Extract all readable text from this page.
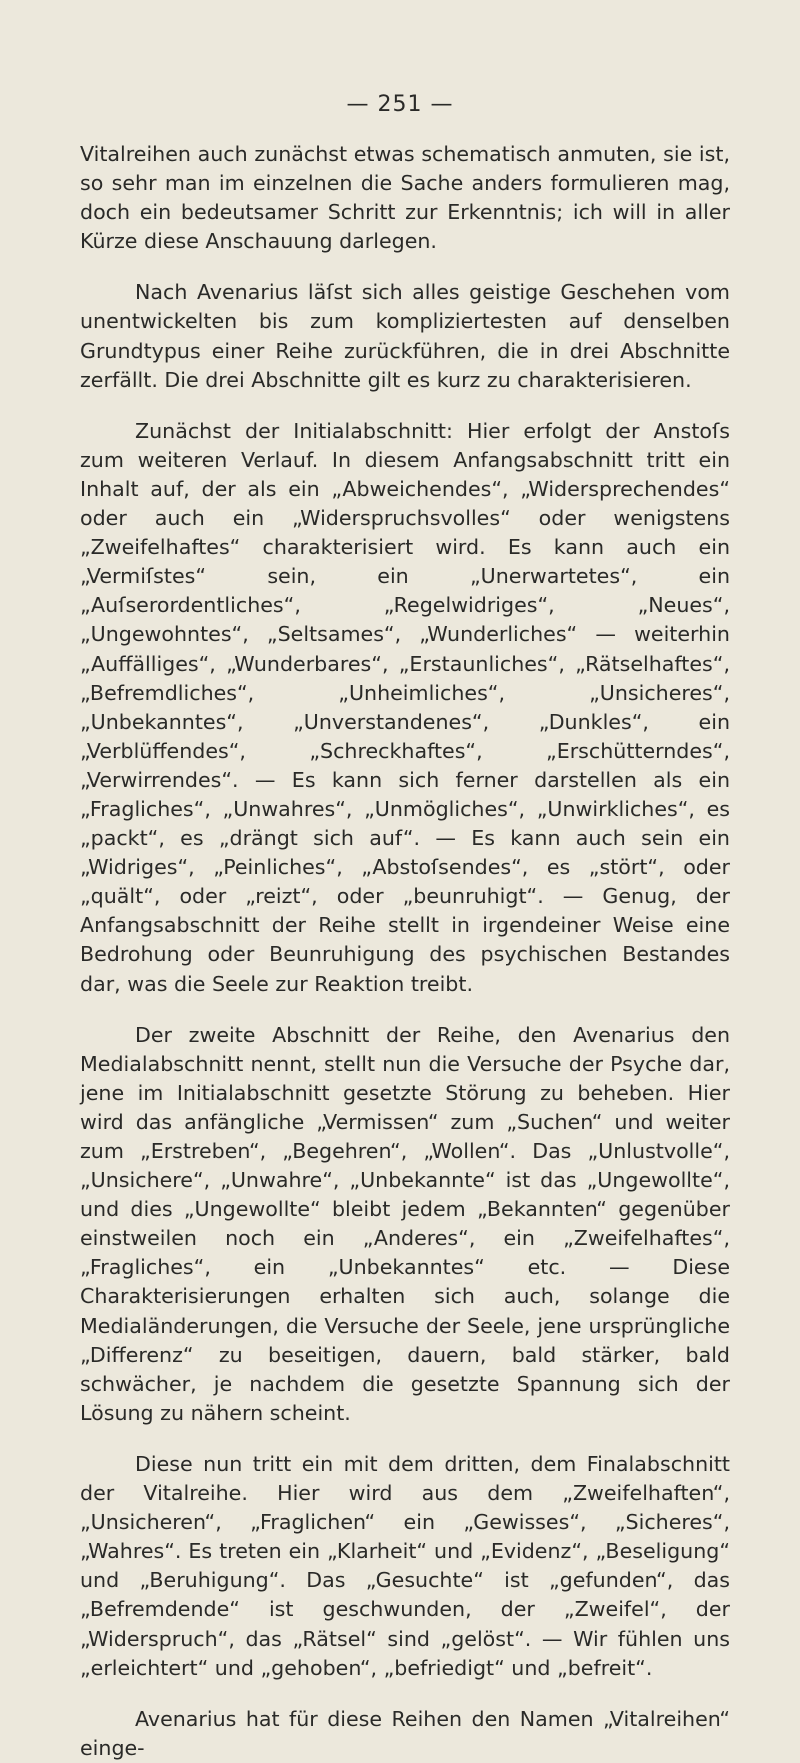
— 251 —

Vitalreihen auch zunächst etwas schematisch anmuten, sie ist, so sehr man im einzelnen die Sache anders formulieren mag, doch ein bedeutsamer Schritt zur Erkenntnis; ich will in aller Kürze diese Anschauung darlegen.

Nach Avenarius läſst sich alles geistige Geschehen vom unentwickelten bis zum kompliziertesten auf denselben Grundtypus einer Reihe zurückführen, die in drei Abschnitte zerfällt. Die drei Abschnitte gilt es kurz zu charakterisieren.

Zunächst der Initialabschnitt: Hier erfolgt der Anstoſs zum weiteren Verlauf. In diesem Anfangsabschnitt tritt ein Inhalt auf, der als ein „Abweichendes“, „Widersprechendes“ oder auch ein „Widerspruchsvolles“ oder wenigstens „Zweifelhaftes“ charakterisiert wird. Es kann auch ein „Vermiſstes“ sein, ein „Unerwartetes“, ein „Auſserordentliches“, „Regelwidriges“, „Neues“, „Ungewohntes“, „Seltsames“, „Wunderliches“ — weiterhin „Auffälliges“, „Wunderbares“, „Erstaunliches“, „Rätselhaftes“, „Befremdliches“, „Unheimliches“, „Unsicheres“, „Unbekanntes“, „Unverstandenes“, „Dunkles“, ein „Verblüffendes“, „Schreckhaftes“, „Erschütterndes“, „Verwirrendes“. — Es kann sich ferner darstellen als ein „Fragliches“, „Unwahres“, „Unmögliches“, „Unwirkliches“, es „packt“, es „drängt sich auf“. — Es kann auch sein ein „Widriges“, „Peinliches“, „Abstoſsendes“, es „stört“, oder „quält“, oder „reizt“, oder „beunruhigt“. — Genug, der Anfangsabschnitt der Reihe stellt in irgendeiner Weise eine Bedrohung oder Beunruhigung des psychischen Bestandes dar, was die Seele zur Reaktion treibt.

Der zweite Abschnitt der Reihe, den Avenarius den Medialabschnitt nennt, stellt nun die Versuche der Psyche dar, jene im Initialabschnitt gesetzte Störung zu beheben. Hier wird das anfängliche „Vermissen“ zum „Suchen“ und weiter zum „Erstreben“, „Begehren“, „Wollen“. Das „Unlustvolle“, „Unsichere“, „Unwahre“, „Unbekannte“ ist das „Ungewollte“, und dies „Ungewollte“ bleibt jedem „Bekannten“ gegenüber einstweilen noch ein „Anderes“, ein „Zweifelhaftes“, „Fragliches“, ein „Unbekanntes“ etc. — Diese Charakterisierungen erhalten sich auch, solange die Medialänderungen, die Versuche der Seele, jene ursprüngliche „Differenz“ zu beseitigen, dauern, bald stärker, bald schwächer, je nachdem die gesetzte Spannung sich der Lösung zu nähern scheint.

Diese nun tritt ein mit dem dritten, dem Finalabschnitt der Vitalreihe. Hier wird aus dem „Zweifelhaften“, „Unsicheren“, „Fraglichen“ ein „Gewisses“, „Sicheres“, „Wahres“. Es treten ein „Klarheit“ und „Evidenz“, „Beseligung“ und „Beruhigung“. Das „Gesuchte“ ist „gefunden“, das „Befremdende“ ist geschwunden, der „Zweifel“, der „Widerspruch“, das „Rätsel“ sind „gelöst“. — Wir fühlen uns „erleichtert“ und „gehoben“, „befriedigt“ und „befreit“.

Avenarius hat für diese Reihen den Namen „Vitalreihen“ einge-
